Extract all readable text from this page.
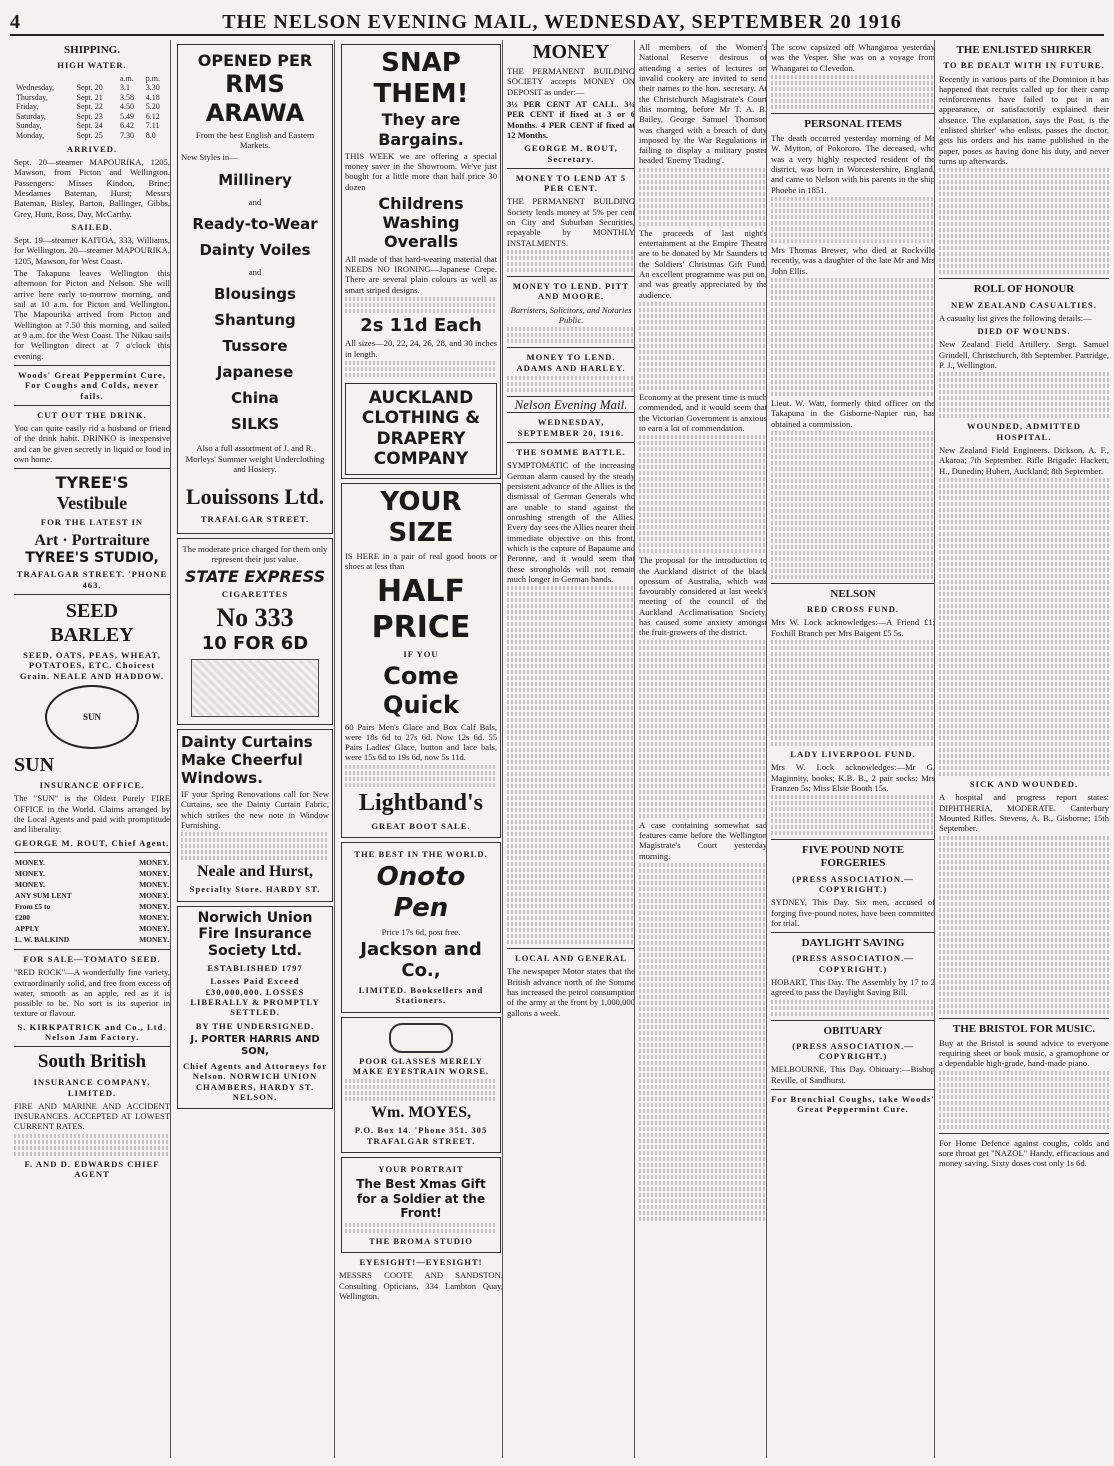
4	THE NELSON EVENING MAIL, WEDNESDAY, SEPTEMBER 20 1916
SHIPPING.
HIGH WATER.
		a.m.	p.m.
Wednesday,	Sept. 20	3.1	3.30
Thursday,	Sept. 21	3.58	4.18
Friday,	Sept. 22	4.50	5.20
Saturday,	Sept. 23	5.49	6.12
Sunday,	Sept. 24	6.42	7.11
Monday,	Sept. 25	7.30	8.0
ARRIVED.

Sept. 20—steamer MAPOURIKA, 1205, Mawson, from Picton and Wellington. Passengers: Misses Kindon, Brine; Mesdames Bateman, Hurst; Messrs Bateman, Bisley, Barton, Ballinger, Gibbs, Grey, Hunt, Ross, Day, McCarthy.

SAILED.

Sept. 19—steamer KAITOA, 333, Williams, for Wellington. 20—steamer MAPOURIKA, 1205, Mawson, for West Coast.

The Takapuna leaves Wellington this afternoon for Picton and Nelson. She will arrive here early to-morrow morning, and sail at 10 a.m. for Picton and Wellington. The Mapourika arrived from Picton and Wellington at 7.50 this morning, and sailed at 9 a.m. for the West Coast. The Nikau sails for Wellington direct at 7 o'clock this evening.

Woods' Great Peppermint Cure, For Coughs and Colds, never fails.
CUT OUT THE DRINK.

You can quite easily rid a husband or friend of the drink habit. DRINKO is inexpensive and can be given secretly in liquid or food in own home.

TYREE'S
Vestibule
FOR THE LATEST IN
Art · Portraiture
TYREE'S STUDIO,
TRAFALGAR STREET. 'PHONE 463.
SEED
BARLEY
SEED, OATS, PEAS, WHEAT, POTATOES, ETC. Choicest Grain. NEALE AND HADDOW.
SUN
SUN
INSURANCE OFFICE.

The "SUN" is the Oldest Purely FIRE OFFICE in the World. Claims arranged by the Local Agents and paid with promptitude and liberality.

GEORGE M. ROUT, Chief Agent.
MONEY.	MONEY.
MONEY.	MONEY.
MONEY.	MONEY.
ANY SUM LENT	MONEY.
From £5 to	MONEY.
£200	MONEY.
APPLY	MONEY.
L. W. BALKIND	MONEY.
FOR SALE—TOMATO SEED.

"RED ROCK"—A wonderfully fine variety, extraordinarily solid, and free from excess of water, smooth as an apple, red as it is possible to be. No sort is its superior in texture or flavour.

S. KIRKPATRICK and Co., Ltd. Nelson Jam Factory.
South British
INSURANCE COMPANY, LIMITED.

FIRE AND MARINE AND ACCIDENT INSURANCES. ACCEPTED AT LOWEST CURRENT RATES.

F. AND D. EDWARDS CHIEF AGENT
OPENED PER
RMS ARAWA

From the best English and Eastern Markets.

New Styles in—

Millinery
and
Ready-to-Wear
Dainty Voiles
and
Blousings
Shantung
Tussore
Japanese
China
SILKS

Also a full assortment of J. and R. Morleys' Summer weight Underclothing and Hosiery.

Louissons Ltd.
TRAFALGAR STREET.

The moderate price charged for them only represent their just value.

STATE EXPRESS
CIGARETTES
No 333
10 FOR 6D
Dainty Curtains Make Cheerful Windows.

IF your Spring Renovations call for New Curtains, see the Dainty Curtain Fabric, which strikes the new note in Window Furnishing.

Neale and Hurst,
Specialty Store. HARDY ST.
Norwich Union Fire Insurance Society Ltd.
ESTABLISHED 1797
Losses Paid Exceed £30,000,000. LOSSES LIBERALLY & PROMPTLY SETTLED.
BY THE UNDERSIGNED.
J. PORTER HARRIS AND SON,
Chief Agents and Attorneys for Nelson. NORWICH UNION CHAMBERS, HARDY ST. NELSON.
SNAP THEM!
They are Bargains.

THIS WEEK we are offering a special money saver in the Showroom. We've just bought for a little more than half price 30 dozen

Childrens Washing Overalls

All made of that hard-wearing material that NEEDS NO IRONING—Japanese Crepe. There are several plain colours as well as smart striped designs.

2s 11d Each

All sizes—20, 22, 24, 26, 28, and 30 inches in length.

AUCKLAND CLOTHING & DRAPERY COMPANY
YOUR SIZE

IS HERE in a pair of real good boots or shoes at less than

HALF
PRICE
IF YOU
Come Quick

60 Pairs Men's Glace and Box Calf Bals, were 18s 6d to 27s 6d. Now 12s 6d. 55 Pairs Ladies' Glace, button and lace bals, were 15s 6d to 19s 6d, now 5s 11d.

Lightband's
GREAT BOOT SALE.
THE BEST IN THE WORLD.
Onoto Pen

Price 17s 6d, post free.

Jackson and Co.,
LIMITED. Booksellers and Stationers.
POOR GLASSES MERELY MAKE EYESTRAIN WORSE.
Wm. MOYES,
P.O. Box 14. 'Phone 351. 305 TRAFALGAR STREET.
YOUR PORTRAIT
The Best Xmas Gift for a Soldier at the Front!
THE BROMA STUDIO
EYESIGHT!—EYESIGHT!

MESSRS COOTE AND SANDSTON, Consulting Opticians, 334 Lambton Quay, Wellington.

MONEY

THE PERMANENT BUILDING SOCIETY accepts MONEY ON DEPOSIT as under:—

3½ PER CENT AT CALL. 3¾ PER CENT if fixed at 3 or 6 Months. 4 PER CENT if fixed at 12 Months.

GEORGE M. ROUT, Secretary.
MONEY TO LEND AT 5 PER CENT.

THE PERMANENT BUILDING Society lends money at 5% per cent on City and Suburban Securities, repayable by MONTHLY INSTALMENTS.

MONEY TO LEND. PITT AND MOORE.

Barristers, Solicitors, and Notaries Public.

MONEY TO LEND. ADAMS AND HARLEY.
Nelson Evening Mail.
WEDNESDAY, SEPTEMBER 20, 1916.
THE SOMME BATTLE.

SYMPTOMATIC of the increasing German alarm caused by the steady persistent advance of the Allies is the dismissal of German Generals who are unable to stand against the onrushing strength of the Allies. Every day sees the Allies nearer their immediate objective on this front, which is the capture of Bapaume and Peronne, and it would seem that these strongholds will not remain much longer in German hands.

LOCAL AND GENERAL

The newspaper Motor states that the British advance north of the Somme has increased the petrol consumption of the army at the front by 1,000,000 gallons a week.

All members of the Women's National Reserve desirous of attending a series of lectures on invalid cookery are invited to send their names to the hon. secretary. At the Christchurch Magistrate's Court this morning, before Mr T. A. B. Bailey, George Samuel Thomson was charged with a breach of duty imposed by the War Regulations in failing to display a military poster headed 'Enemy Trading'.

The proceeds of last night's entertainment at the Empire Theatre are to be donated by Mr Saunders to the Soldiers' Christmas Gift Fund. An excellent programme was put on, and was greatly appreciated by the audience.

Economy at the present time is much commended, and it would seem that the Victorian Government is anxious to earn a lot of commendation.

The proposal for the introduction to the Auckland district of the black opossum of Australia, which was favourably considered at last week's meeting of the council of the Auckland Acclimatisation Society, has caused some anxiety amongst the fruit-growers of the district.

A case containing somewhat sad features came before the Wellington Magistrate's Court yesterday morning.

The scow capsized off Whangaroa yesterday was the Vesper. She was on a voyage from Whangarei to Clevedon.

PERSONAL ITEMS

The death occurred yesterday morning of Mr W. Mytton, of Pokororo. The deceased, who was a very highly respected resident of the district, was born in Worcestershire, England, and came to Nelson with his parents in the ship Phoebe in 1851.

Mrs Thomas Brewer, who died at Rockville recently, was a daughter of the late Mr and Mrs John Ellis.

Lieut. W. Watt, formerly third officer on the Takapuna in the Gisborne-Napier run, has obtained a commission.

NELSON
RED CROSS FUND.

Mrs W. Lock acknowledges:—A Friend £1; Foxhill Branch per Mrs Baigent £5 5s.

LADY LIVERPOOL FUND.

Mrs W. Lock acknowledges:—Mr G. Maginnity, books; K.B. B., 2 pair socks; Mrs Franzen 5s; Miss Elsie Booth 15s.

FIVE POUND NOTE FORGERIES
(PRESS ASSOCIATION.—COPYRIGHT.)

SYDNEY, This Day. Six men, accused of forging five-pound notes, have been committed for trial.

DAYLIGHT SAVING
(PRESS ASSOCIATION.—COPYRIGHT.)

HOBART, This Day. The Assembly by 17 to 2 agreed to pass the Daylight Saving Bill.

OBITUARY
(PRESS ASSOCIATION.—COPYRIGHT.)

MELBOURNE, This Day. Obituary:—Bishop Reville, of Sandhurst.

For Bronchial Coughs, take Woods' Great Peppermint Cure.
THE ENLISTED SHIRKER
TO BE DEALT WITH IN FUTURE.

Recently in various parts of the Dominion it has happened that recruits called up for their camp reinforcements have failed to put in an appearance, or satisfactorily explained their absence. The explanation, says the Post, is the 'enlisted shirker' who enlists, passes the doctor, gets his orders and his name published in the paper, poses as having done his duty, and never turns up afterwards.

ROLL OF HONOUR
NEW ZEALAND CASUALTIES.

A casualty list gives the following details:—

DIED OF WOUNDS.

New Zealand Field Artillery. Sergt. Samuel Grindell, Christchurch, 8th September. Partridge, P. J., Wellington.

WOUNDED, ADMITTED HOSPITAL.

New Zealand Field Engineers. Dickson, A. F., Akaroa; 7th September. Rifle Brigade: Hackett, H., Dunedin; Hubert, Auckland; 8th September.

SICK AND WOUNDED.

A hospital and progress report states: DIPHTHERIA, MODERATE. Canterbury Mounted Rifles. Stevens, A. B., Gisborne; 15th September.

THE BRISTOL FOR MUSIC.

Buy at the Bristol is sound advice to everyone requiring sheet or book music, a gramophone or a dependable high-grade, hand-made piano.

For Home Defence against coughs, colds and sore throat get "NAZOL" Handy, efficacious and money saving. Sixty doses cost only 1s 6d.
